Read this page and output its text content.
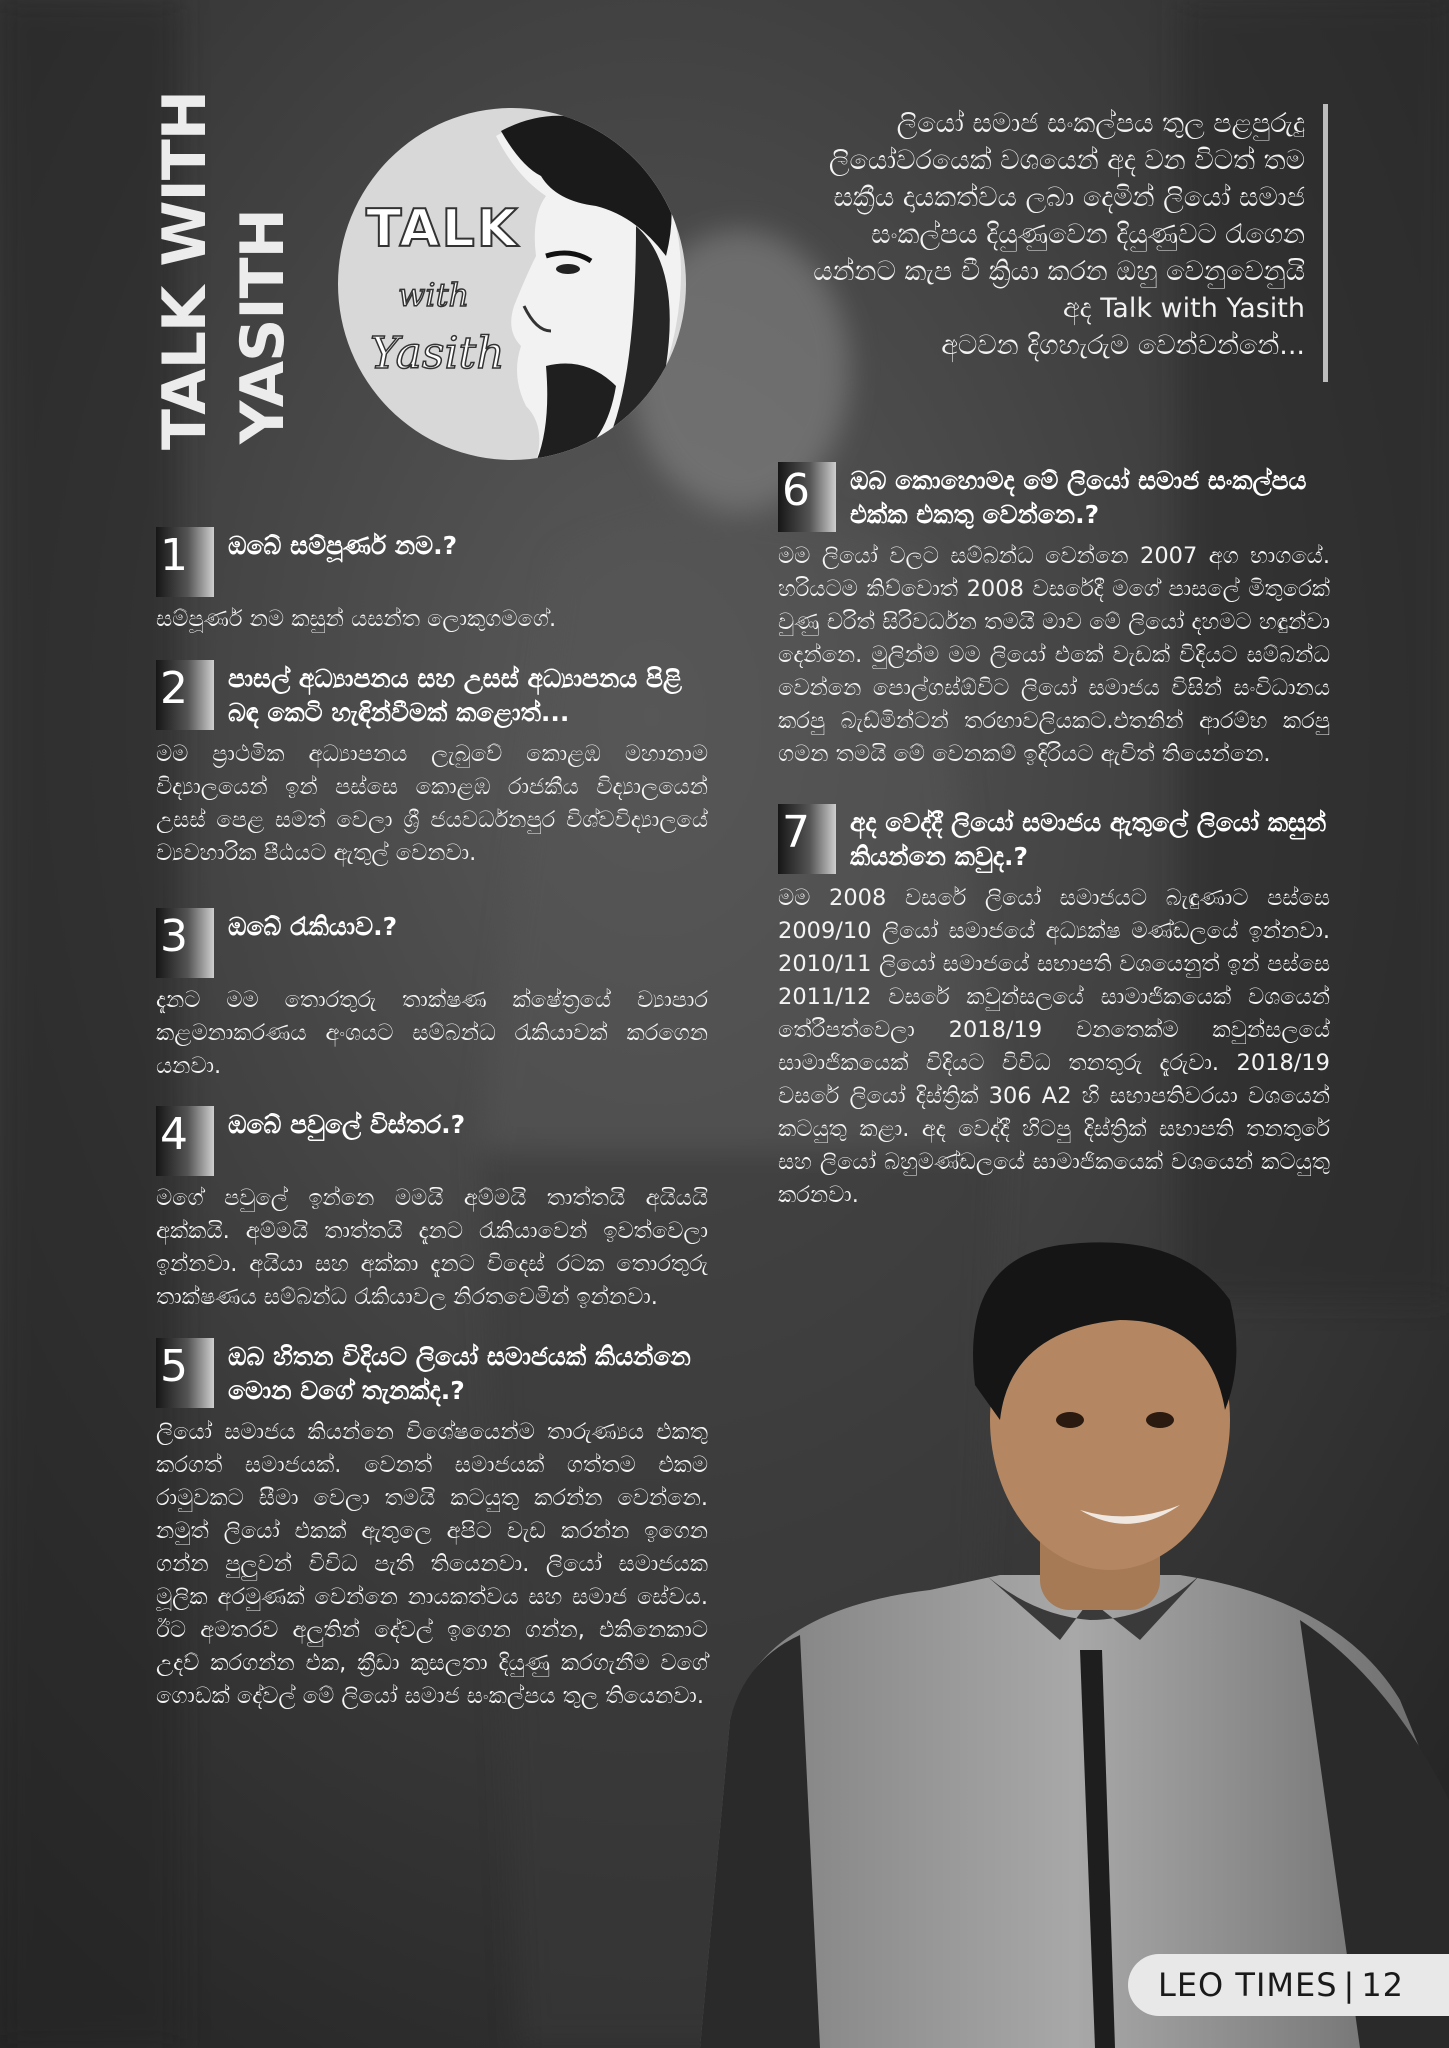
TALK WITH YASITH TALK
with
Yasith
ලියෝ සමාජ සංකල්පය තුල පළපුරුදු
ලියෝවරයෙක් වශයෙන් අද වන විටත් තම
සක්‍රීය දායකත්වය ලබා දෙමින් ලියෝ සමාජ
සංකල්පය දියුණුවෙන දියුණුවට රැගෙන
යන්නට කැප වී ක්‍රියා කරන ඔහු වෙනුවෙනුයි
අද Talk with Yasith
අටවන දිගහැරුම වෙන්වන්නේ...
1 ඔබේ සම්පූර්ණ නම.?
සම්පූර්ණ නම කසුන් යසන්ත ලොකුගමගේ.
2 පාසල් අධ්‍යාපනය සහ උසස් අධ්‍යාපනය පිළි බඳ කෙටි හැඳින්වීමක් කළොත්...
මම ප්‍රාථමික අධ්‍යාපනය ලැබුවේ කොළඹ මහානාම විද්‍යාලයෙන් ඉන් පස්සෙ කොළඹ රාජකීය විද්‍යාලයෙන් උසස් පෙළ සමත් වෙලා ශ්‍රී ජයවර්ධනපුර විශ්වවිද්‍යාලයේ ව්‍යවහාරික පීඨයට ඇතුල් වෙනවා.
3 ඔබේ රැකියාව.?
දැනට මම තොරතුරු තාක්ෂණ ක්ෂේත්‍රයේ ව්‍යාපාර කළමනාකරණය අංශයට සම්බන්ධ රැකියාවක් කරගෙන යනවා.
4 ඔබේ පවුලේ විස්තර.?
මගේ පවුලේ ඉන්නෙ මමයි අම්මයි තාත්තයි අයියයි අක්කයි. අම්මයි තාත්තයි දැනට රැකියාවෙන් ඉවත්වෙලා ඉන්නවා. අයියා සහ අක්කා දැනට විදෙස් රටක තොරතුරු තාක්ෂණය සම්බන්ධ රැකියාවල නිරතවෙමින් ඉන්නවා.
5 ඔබ හිතන විදියට ලියෝ සමාජයක් කියන්නෙ මොන වගේ තැනක්ද.?
ලියෝ සමාජය කියන්නෙ විශේෂයෙන්ම තාරුණ්‍යය එකතු කරගත් සමාජයක්. වෙනත් සමාජයක් ගත්තම එකම රාමුවකට සීමා වෙලා තමයි කටයුතු කරන්න වෙන්නෙ. නමුත් ලියෝ එකක් ඇතුලෙ අපිට වැඩ කරන්න ඉගෙන ගන්න පුලුවන් විවිධ පැති තියෙනවා. ලියෝ සමාජයක මූලික අරමුණක් වෙන්නෙ නායකත්වය සහ සමාජ සේවය. ඊට අමතරව අලුතින් දේවල් ඉගෙන ගන්න, එකිනෙකාට උදව් කරගන්න එක, ක්‍රීඩා කුසලතා දියුණු කරගැනීම වගේ ගොඩක් දේවල් මේ ලියෝ සමාජ සංකල්පය තුල තියෙනවා.
6 ඔබ කොහොමද මේ ලියෝ සමාජ සංකල්පය එක්ක එකතු වෙන්නෙ.?
මම ලියෝ වලට සම්බන්ධ වෙන්නෙ 2007 අග භාගයේ. හරියටම කිව්වොත් 2008 වසරේදී මගේ පාසලේ මිතුරෙක් වුණු චරිත් සිරිවර්ධන තමයි මාව මේ ලියෝ දහමට හඳුන්වා දෙන්නෙ. මුලින්ම මම ලියෝ එකේ වැඩක් විදියට සම්බන්ධ වෙන්නෙ පොල්ගස්ඕවිට ලියෝ සමාජය විසින් සංවිධානය කරපු බැඩ්මින්ටන් තරඟාවලියකට.එතනින් ආරම්භ කරපු ගමන තමයි මේ වෙනකම් ඉදිරියට ඇවිත් තියෙන්නෙ.
7 අද වෙද්දී ලියෝ සමාජය ඇතුලේ ලියෝ කසුන් කියන්නෙ කවුද.?
මම 2008 වසරේ ලියෝ සමාජයට බැඳුණාට පස්සෙ 2009/10 ලියෝ සමාජයේ අධ්‍යක්ෂ මණ්ඩලයේ ඉන්නවා. 2010/11 ලියෝ සමාජයේ සභාපති වශයෙනුත් ඉන් පස්සෙ 2011/12 වසරේ කවුන්සලයේ සාමාජිකයෙක් වශයෙන් තේරීපත්වෙලා 2018/19 වනතෙක්ම කවුන්සලයේ සාමාජිකයෙක් විදියට විවිධ තනතුරු දැරුවා. 2018/19 වසරේ ලියෝ දිස්ත්‍රික් 306 A2 හි සභාපතිවරයා වශයෙන් කටයුතු කළා. අද වෙද්දී හිටපු දිස්ත්‍රික් සභාපති තනතුරේ සහ ලියෝ බහුමණ්ඩලයේ සාමාජිකයෙක් වශයෙන් කටයුතු කරනවා.
LEO TIMES | 12
